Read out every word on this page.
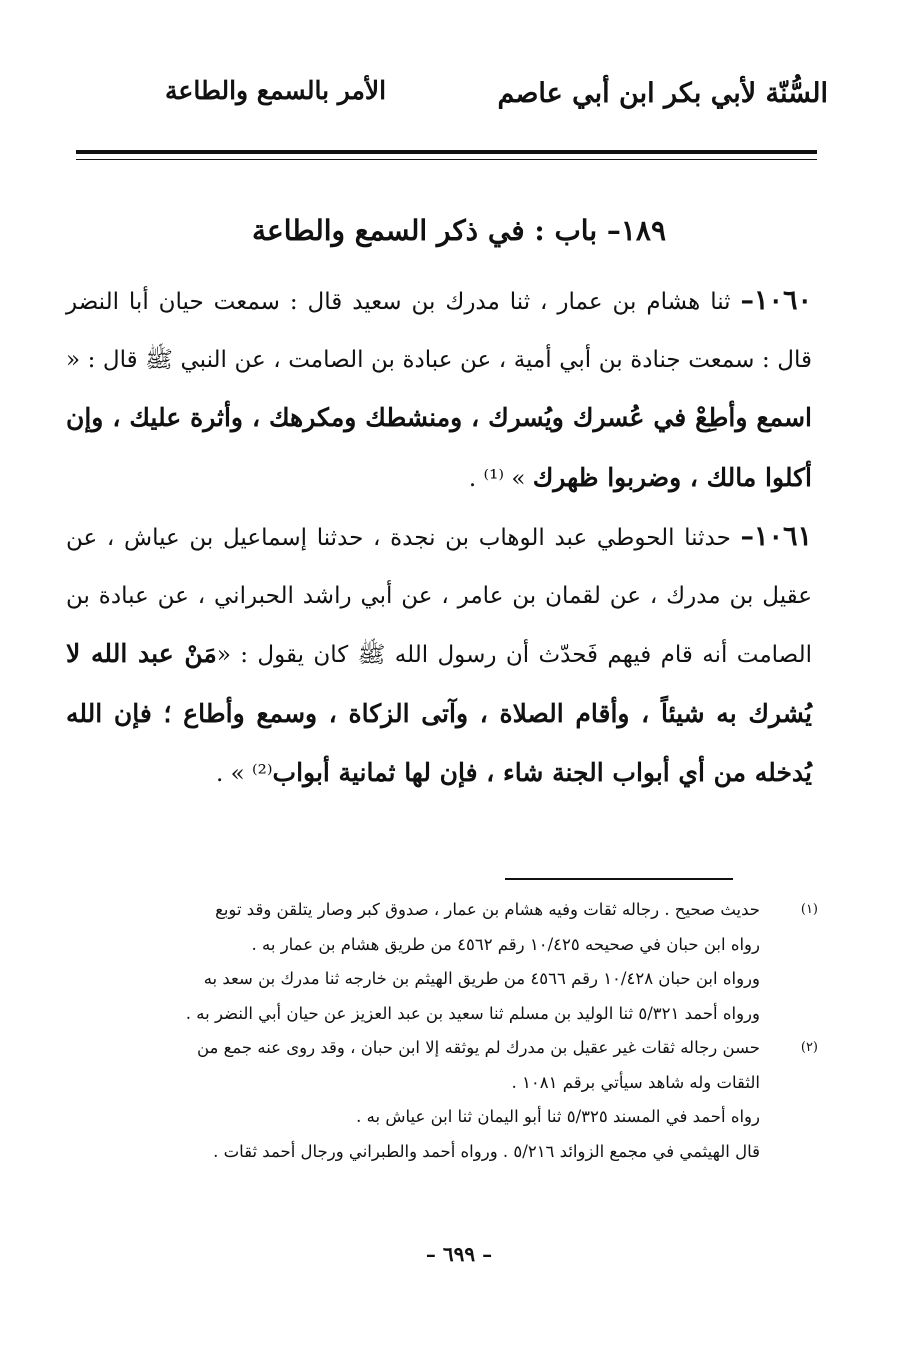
السُّنّة لأبي بكر ابن أبي عاصم
الأمر بالسمع والطاعة
١٨٩– باب : في ذكر السمع والطاعة

١٠٦٠– ثنا هشام بن عمار ، ثنا مدرك بن سعيد قال : سمعت حيان أبا النضر قال : سمعت جنادة بن أبي أمية ، عن عبادة بن الصامت ، عن النبي ﷺ قال : « اسمع وأطِعْ في عُسرك ويُسرك ، ومنشطك ومكرهك ، وأثرة عليك ، وإن أكلوا مالك ، وضربوا ظهرك » ⁽¹⁾ .

١٠٦١– حدثنا الحوطي عبد الوهاب بن نجدة ، حدثنا إسماعيل بن عياش ، عن عقيل بن مدرك ، عن لقمان بن عامر ، عن أبي راشد الحبراني ، عن عبادة بن الصامت أنه قام فيهم فَحدّث أن رسول الله ﷺ كان يقول : «مَنْ عبد الله لا يُشرك به شيئاً ، وأقام الصلاة ، وآتى الزكاة ، وسمع وأطاع ؛ فإن الله يُدخله من أي أبواب الجنة شاء ، فإن لها ثمانية أبواب⁽²⁾ » .

(١)
حديث صحيح . رجاله ثقات وفيه هشام بن عمار ، صدوق كبر وصار يتلقن وقد توبع
رواه ابن حبان في صحيحه ١٠/٤٢٥ رقم ٤٥٦٢ من طريق هشام بن عمار به .
ورواه ابن حبان ١٠/٤٢٨ رقم ٤٥٦٦ من طريق الهيثم بن خارجه ثنا مدرك بن سعد به
ورواه أحمد ٥/٣٢١ ثنا الوليد بن مسلم ثنا سعيد بن عبد العزيز عن حيان أبي النضر به .
(٢)
حسن رجاله ثقات غير عقيل بن مدرك لم يوثقه إلا ابن حبان ، وقد روى عنه جمع من
الثقات وله شاهد سيأتي برقم ١٠٨١ .
رواه أحمد في المسند ٥/٣٢٥ ثنا أبو اليمان ثنا ابن عياش به .
قال الهيثمي في مجمع الزوائد ٥/٢١٦ . ورواه أحمد والطبراني ورجال أحمد ثقات .
– ٦٩٩ –
